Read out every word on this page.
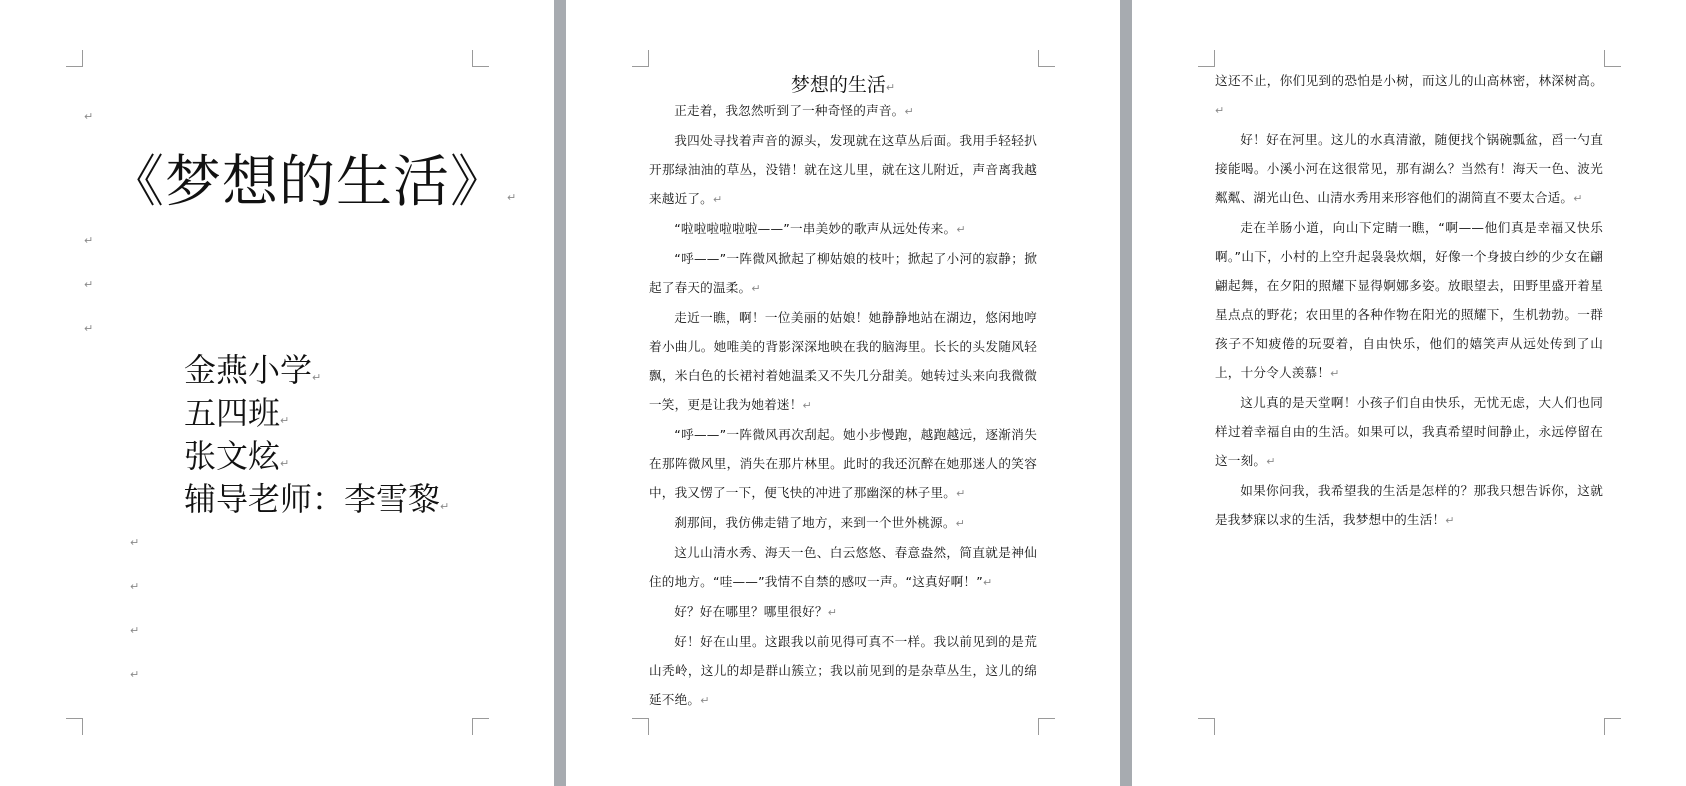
↵
《梦想的生活》↵
↵
↵
↵
金燕小学↵
五四班↵
张文炫↵
辅导老师：李雪黎↵
↵
↵
↵
↵
梦想的生活↵

正走着，我忽然听到了一种奇怪的声音。↵

我四处寻找着声音的源头，发现就在这草丛后面。我用手轻轻扒开那绿油油的草丛，没错！就在这儿里，就在这儿附近，声音离我越来越近了。↵

“啦啦啦啦啦啦——”一串美妙的歌声从远处传来。↵

“呼——”一阵微风掀起了柳姑娘的枝叶；掀起了小河的寂静；掀起了春天的温柔。↵

走近一瞧，啊！一位美丽的姑娘！她静静地站在湖边，悠闲地哼着小曲儿。她唯美的背影深深地映在我的脑海里。长长的头发随风轻飘，米白色的长裙衬着她温柔又不失几分甜美。她转过头来向我微微一笑，更是让我为她着迷！↵

“呼——”一阵微风再次刮起。她小步慢跑，越跑越远，逐渐消失在那阵微风里，消失在那片林里。此时的我还沉醉在她那迷人的笑容中，我又愣了一下，便飞快的冲进了那幽深的林子里。↵

刹那间，我仿佛走错了地方，来到一个世外桃源。↵

这儿山清水秀、海天一色、白云悠悠、春意盎然，简直就是神仙住的地方。“哇——”我情不自禁的感叹一声。“这真好啊！”↵

好？好在哪里？哪里很好？↵

好！好在山里。这跟我以前见得可真不一样。我以前见到的是荒山秃岭，这儿的却是群山簇立；我以前见到的是杂草丛生，这儿的绵延不绝。↵

这还不止，你们见到的恐怕是小树，而这儿的山高林密，林深树高。↵

好！好在河里。这儿的水真清澈，随便找个锅碗瓢盆，舀一勺直接能喝。小溪小河在这很常见，那有湖么？当然有！海天一色、波光粼粼、湖光山色、山清水秀用来形容他们的湖简直不要太合适。↵

走在羊肠小道，向山下定睛一瞧，“啊——他们真是幸福又快乐啊。”山下，小村的上空升起袅袅炊烟，好像一个身披白纱的少女在翩翩起舞，在夕阳的照耀下显得婀娜多姿。放眼望去，田野里盛开着星星点点的野花；农田里的各种作物在阳光的照耀下，生机勃勃。一群孩子不知疲倦的玩耍着，自由快乐，他们的嬉笑声从远处传到了山上，十分令人羡慕！↵

这儿真的是天堂啊！小孩子们自由快乐，无忧无虑，大人们也同样过着幸福自由的生活。如果可以，我真希望时间静止，永远停留在这一刻。↵

如果你问我，我希望我的生活是怎样的？那我只想告诉你，这就是我梦寐以求的生活，我梦想中的生活！↵
